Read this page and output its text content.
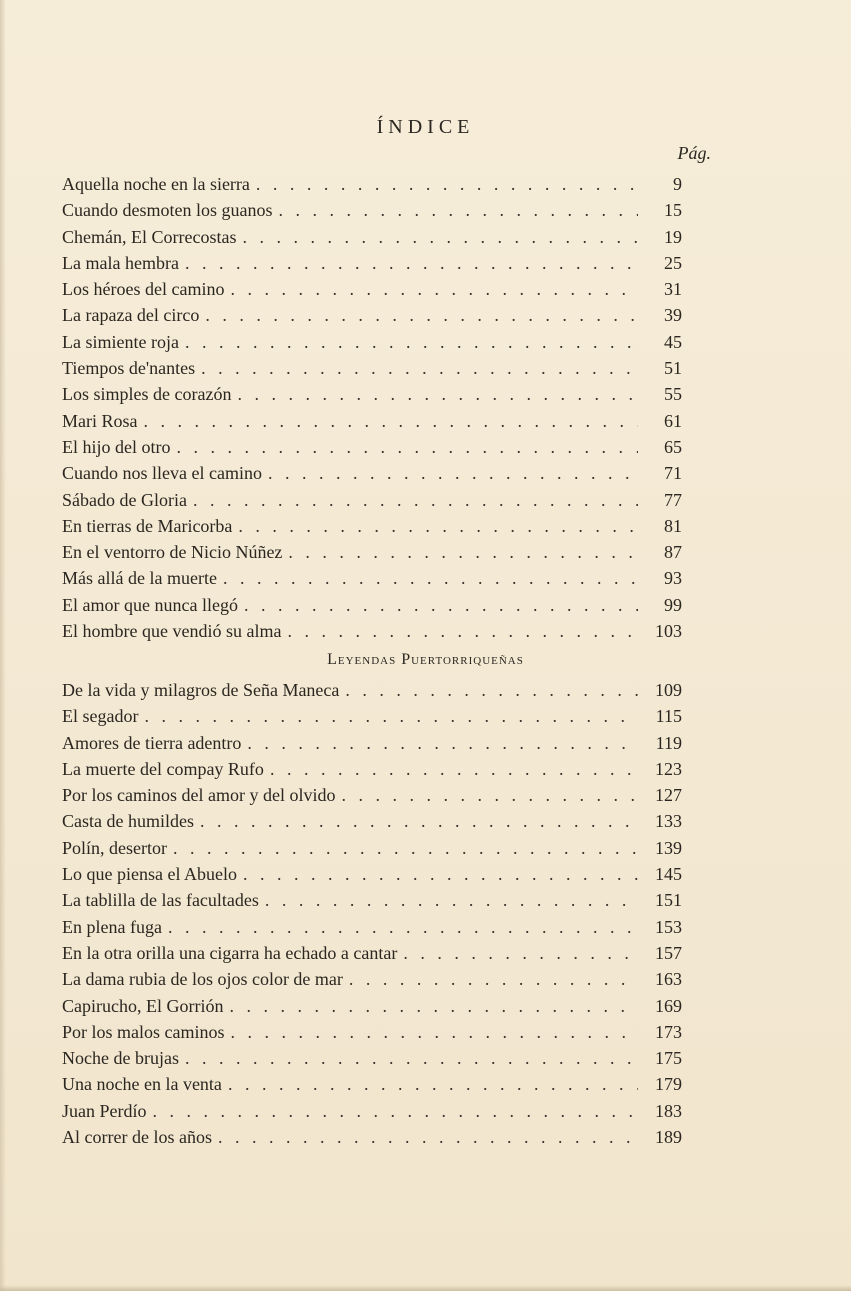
ÍNDICE
Pág.
Aquella noche en la sierra . . .	9
Cuando desmoten los guanos . . .	15
Chemán, El Correcostas . . .	19
La mala hembra . . .	25
Los héroes del camino . . .	31
La rapaza del circo . . .	39
La simiente roja . . .	45
Tiempos de'nantes . . .	51
Los simples de corazón . . .	55
Mari Rosa . . .	61
El hijo del otro . . .	65
Cuando nos lleva el camino . . .	71
Sábado de Gloria . . .	77
En tierras de Maricorba . . .	81
En el ventorro de Nicio Núñez . . .	87
Más allá de la muerte . . .	93
El amor que nunca llegó . . .	99
El hombre que vendió su alma . . .	103
Leyendas Puertorriqueñas
De la vida y milagros de Seña Maneca . . .	109
El segador . . .	115
Amores de tierra adentro . . .	119
La muerte del compay Rufo . . .	123
Por los caminos del amor y del olvido . . .	127
Casta de humildes . . .	133
Polín, desertor . . .	139
Lo que piensa el Abuelo . . .	145
La tablilla de las facultades . . .	151
En plena fuga . . .	153
En la otra orilla una cigarra ha echado a cantar . . .	157
La dama rubia de los ojos color de mar . . .	163
Capirucho, El Gorrión . . .	169
Por los malos caminos . . .	173
Noche de brujas . . .	175
Una noche en la venta . . .	179
Juan Perdío . . .	183
Al correr de los años . . .	189
